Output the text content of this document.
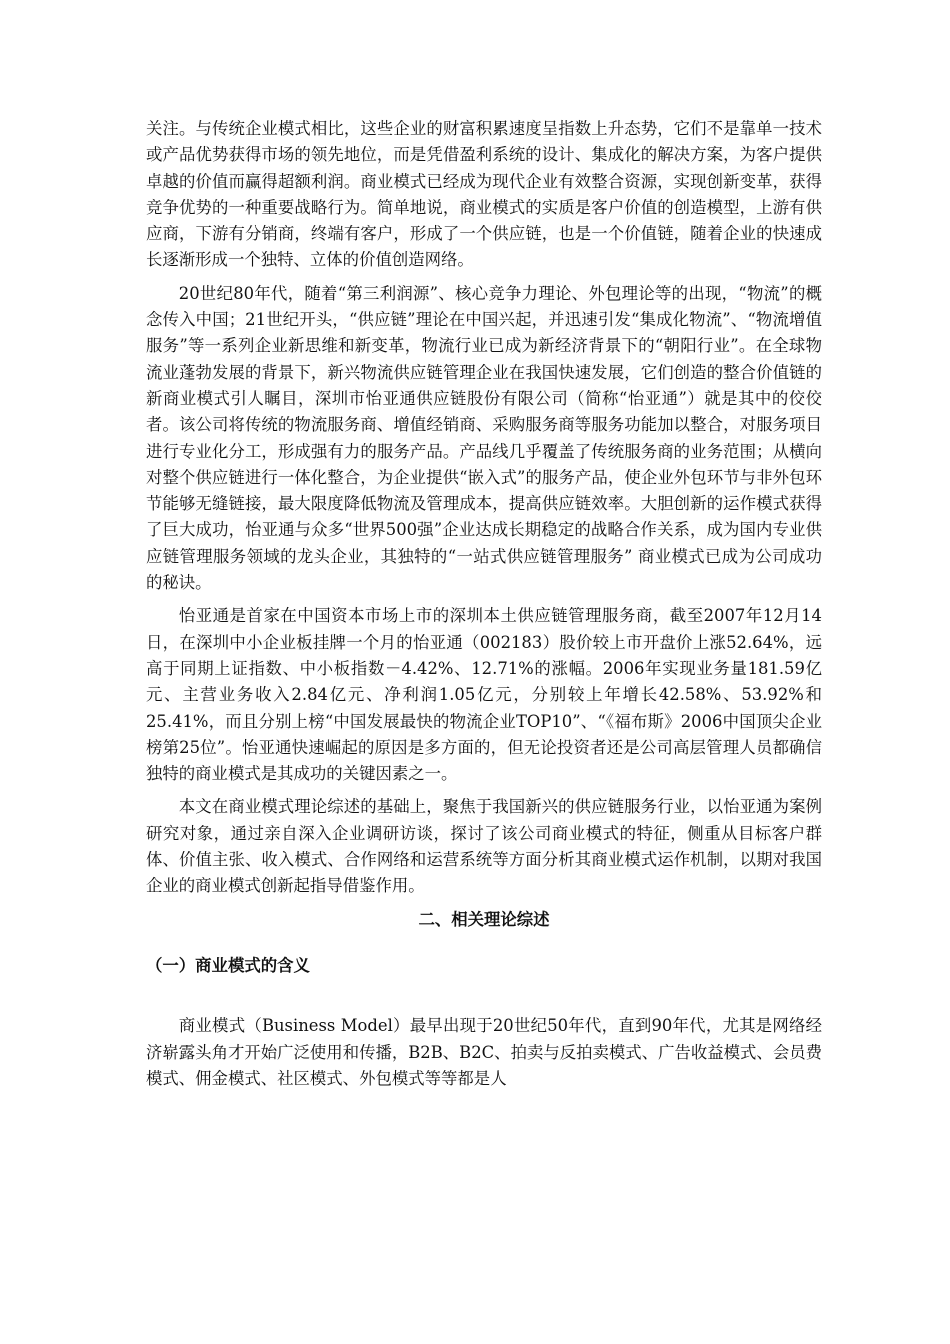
关注。与传统企业模式相比，这些企业的财富积累速度呈指数上升态势，它们不是靠单一技术或产品优势获得市场的领先地位，而是凭借盈利系统的设计、集成化的解决方案，为客户提供卓越的价值而赢得超额利润。商业模式已经成为现代企业有效整合资源，实现创新变革，获得竞争优势的一种重要战略行为。简单地说，商业模式的实质是客户价值的创造模型，上游有供应商，下游有分销商，终端有客户，形成了一个供应链，也是一个价值链，随着企业的快速成长逐渐形成一个独特、立体的价值创造网络。

20世纪80年代，随着“第三利润源”、核心竞争力理论、外包理论等的出现，“物流”的概念传入中国；21世纪开头，“供应链”理论在中国兴起，并迅速引发“集成化物流”、“物流增值服务”等一系列企业新思维和新变革，物流行业已成为新经济背景下的“朝阳行业”。在全球物流业蓬勃发展的背景下，新兴物流供应链管理企业在我国快速发展，它们创造的整合价值链的新商业模式引人瞩目，深圳市怡亚通供应链股份有限公司（简称“怡亚通”）就是其中的佼佼者。该公司将传统的物流服务商、增值经销商、采购服务商等服务功能加以整合，对服务项目进行专业化分工，形成强有力的服务产品。产品线几乎覆盖了传统服务商的业务范围；从横向对整个供应链进行一体化整合，为企业提供“嵌入式”的服务产品，使企业外包环节与非外包环节能够无缝链接，最大限度降低物流及管理成本，提高供应链效率。大胆创新的运作模式获得了巨大成功，怡亚通与众多“世界500强”企业达成长期稳定的战略合作关系，成为国内专业供应链管理服务领域的龙头企业，其独特的“一站式供应链管理服务” 商业模式已成为公司成功的秘诀。

怡亚通是首家在中国资本市场上市的深圳本土供应链管理服务商，截至2007年12月14日，在深圳中小企业板挂牌一个月的怡亚通（002183）股价较上市开盘价上涨52.64%，远高于同期上证指数、中小板指数－4.42%、12.71%的涨幅。2006年实现业务量181.59亿元、主营业务收入2.84亿元、净利润1.05亿元，分别较上年增长42.58%、53.92%和25.41%，而且分别上榜“中国发展最快的物流企业TOP10”、“《福布斯》2006中国顶尖企业榜第25位”。怡亚通快速崛起的原因是多方面的，但无论投资者还是公司高层管理人员都确信独特的商业模式是其成功的关键因素之一。

本文在商业模式理论综述的基础上，聚焦于我国新兴的供应链服务行业，以怡亚通为案例研究对象，通过亲自深入企业调研访谈，探讨了该公司商业模式的特征，侧重从目标客户群体、价值主张、收入模式、合作网络和运营系统等方面分析其商业模式运作机制，以期对我国企业的商业模式创新起指导借鉴作用。

二、相关理论综述

（一）商业模式的含义

商业模式（Business Model）最早出现于20世纪50年代，直到90年代，尤其是网络经济崭露头角才开始广泛使用和传播，B2B、B2C、拍卖与反拍卖模式、广告收益模式、会员费模式、佣金模式、社区模式、外包模式等等都是人
